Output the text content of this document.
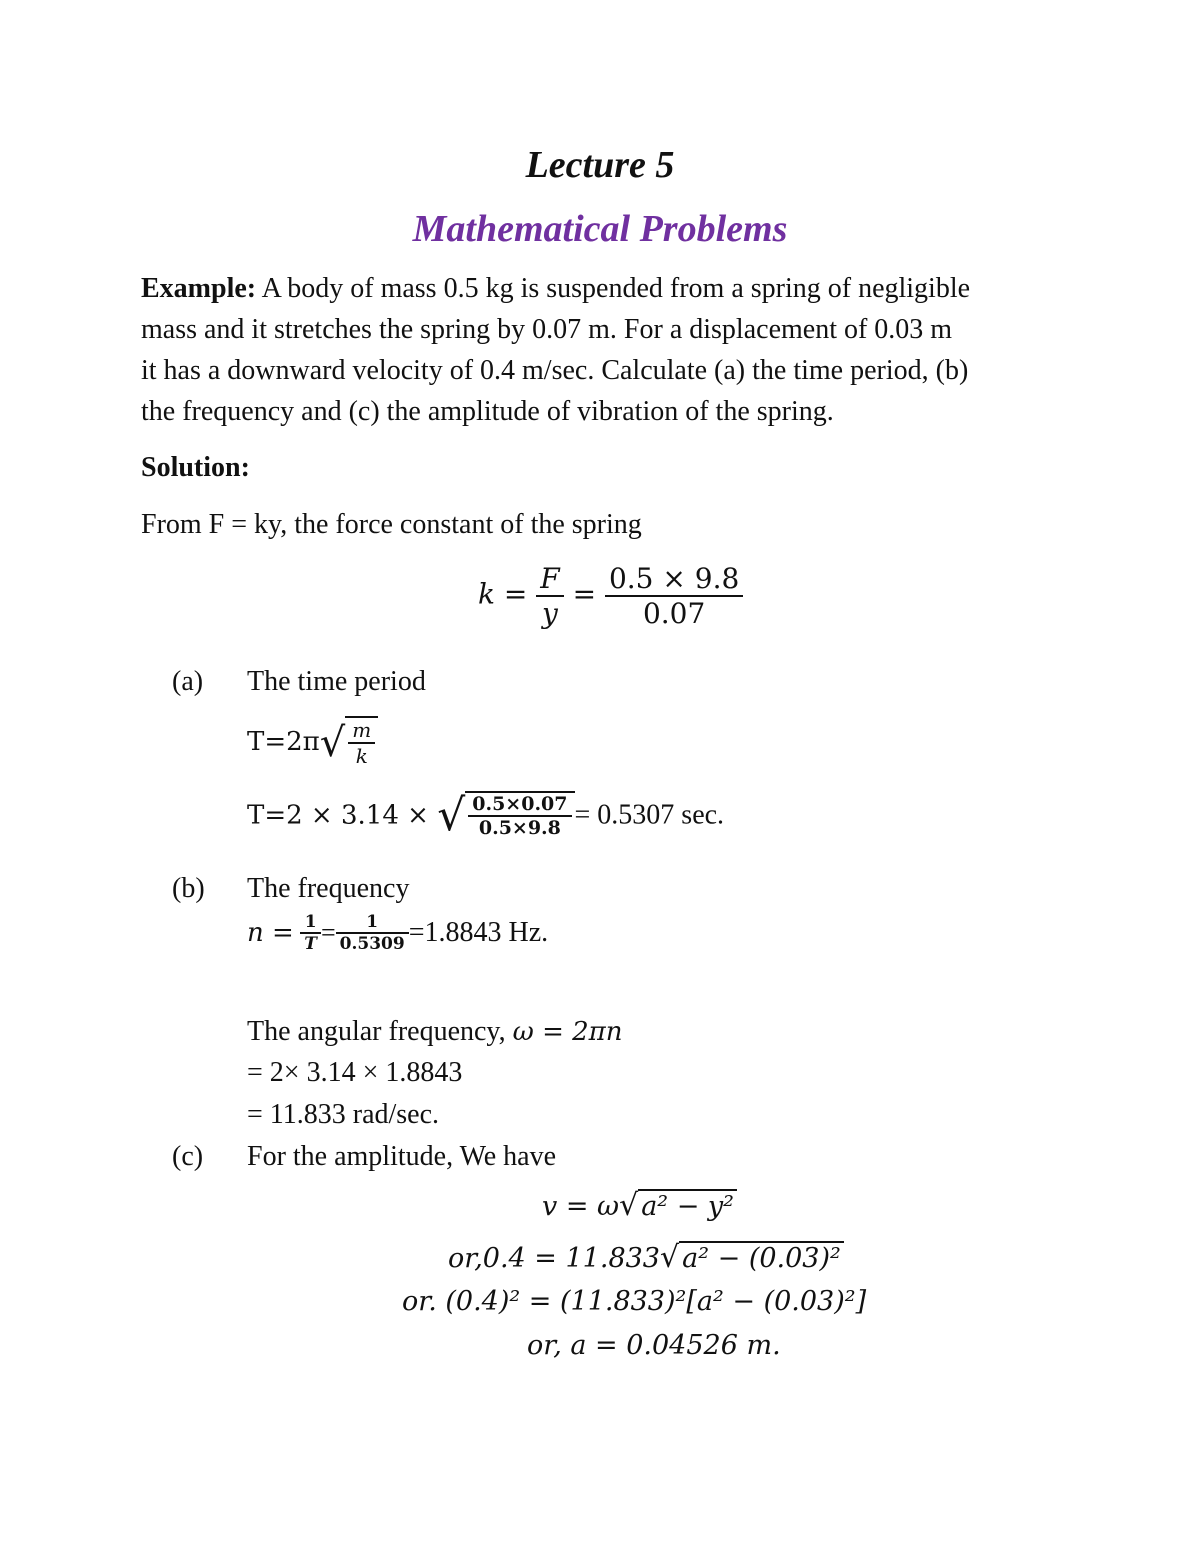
Lecture 5
Mathematical Problems
Example: A body of mass 0.5 kg is suspended from a spring of negligible
mass and it stretches the spring by 0.07 m. For a displacement of 0.03 m
it has a downward velocity of 0.4 m/sec. Calculate (a) the time period, (b)
the frequency and (c) the amplitude of vibration of the spring.
Solution:
From F = ky, the force constant of the spring
$k = \frac{F}{y} = \frac{0.5 \times 9.8}{0.07}$
(a) The time period
$T=2\pi√ \frac{m}{k}$
T=2 × 3.14 × √ $\frac{0.5\times 0.07}{0.5\times 9.8} = 0.5307$ sec.
(b) The frequency
$n = \frac{1}{T} = \frac{1}{0.5309} =1.8843$ Hz.
The angular frequency, ω = 2πn
= 2× 3.14 × 1.8843
= 11.833 rad/sec.
(c) For the amplitude, We have
v = ω√ a² − y²
or,0.4 = 11.833√ a² − (0.03)²
or. (0.4)² = (11.833)²[a² − (0.03)²]
or, a = 0.04526 m.
